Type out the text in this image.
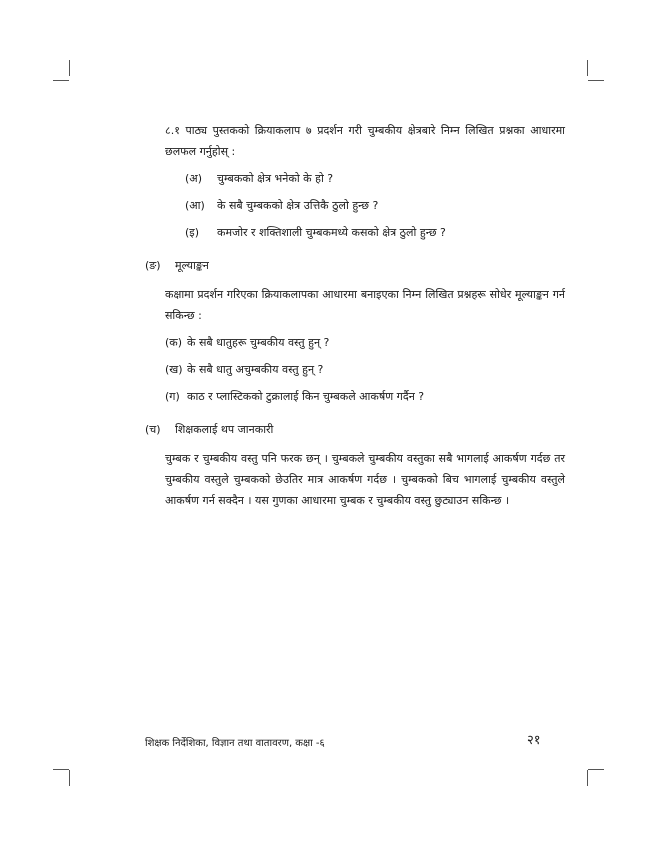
८.१ पाठ्य पुस्तकको क्रियाकलाप ७ प्रदर्शन गरी चुम्बकीय क्षेत्रबारे निम्न लिखित प्रश्नका आधारमा छलफल गर्नुहोस् :

(अ) चुम्बकको क्षेत्र भनेको के हो ?
(आ) के सबै चुम्बकको क्षेत्र उत्तिकै ठुलो हुन्छ ?
(इ) कमजोर र शक्तिशाली चुम्बकमध्ये कसको क्षेत्र ठुलो हुन्छ ?
(ङ) मूल्याङ्कन

कक्षामा प्रदर्शन गरिएका क्रियाकलापका आधारमा बनाइएका निम्न लिखित प्रश्नहरू सोधेर मूल्याङ्कन गर्न सकिन्छ :

(क) के सबै धातुहरू चुम्बकीय वस्तु हुन् ?
(ख) के सबै धातु अचुम्बकीय वस्तु हुन् ?
(ग) काठ र प्लास्टिकको टुक्रालाई किन चुम्बकले आकर्षण गर्दैन ?
(च) शिक्षकलाई थप जानकारी

चुम्बक र चुम्बकीय वस्तु पनि फरक छन् । चुम्बकले चुम्बकीय वस्तुका सबै भागलाई आकर्षण गर्दछ तर चुम्बकीय वस्तुले चुम्बकको छेउतिर मात्र आकर्षण गर्दछ । चुम्बकको बिच भागलाई चुम्बकीय वस्तुले आकर्षण गर्न सक्दैन । यस गुणका आधारमा चुम्बक र चुम्बकीय वस्तु छुट्याउन सकिन्छ ।

शिक्षक निर्देशिका, विज्ञान तथा वातावरण, कक्षा -६	२१
